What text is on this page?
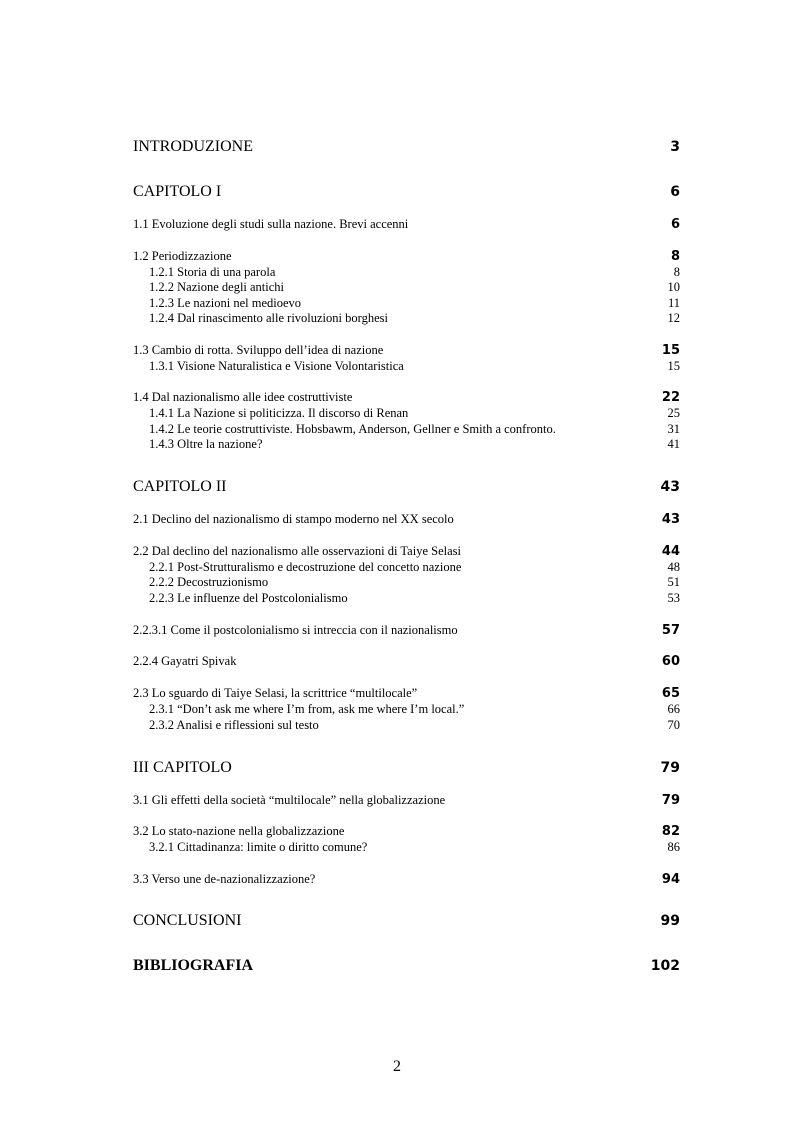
INTRODUZIONE	3
CAPITOLO I	6
1.1 Evoluzione degli studi sulla nazione. Brevi accenni	6
1.2 Periodizzazione	8
1.2.1 Storia di una parola	8
1.2.2 Nazione degli antichi	10
1.2.3 Le nazioni nel medioevo	11
1.2.4 Dal rinascimento alle rivoluzioni borghesi	12
1.3 Cambio di rotta. Sviluppo dell’idea di nazione	15
1.3.1 Visione Naturalistica e Visione Volontaristica	15
1.4 Dal nazionalismo alle idee costruttiviste	22
1.4.1 La Nazione si politicizza. Il discorso di Renan	25
1.4.2 Le teorie costruttiviste. Hobsbawm, Anderson, Gellner e Smith a confronto.	31
1.4.3 Oltre la nazione?	41
CAPITOLO II	43
2.1 Declino del nazionalismo di stampo moderno nel XX secolo	43
2.2 Dal declino del nazionalismo alle osservazioni di Taiye Selasi	44
2.2.1 Post-Strutturalismo e decostruzione del concetto nazione	48
2.2.2 Decostruzionismo	51
2.2.3 Le influenze del Postcolonialismo	53
2.2.3.1 Come il postcolonialismo si intreccia con il nazionalismo	57
2.2.4 Gayatri Spivak	60
2.3 Lo sguardo di Taiye Selasi, la scrittrice “multilocale”	65
2.3.1 “Don’t ask me where I’m from, ask me where I’m local.”	66
2.3.2 Analisi e riflessioni sul testo	70
III CAPITOLO	79
3.1 Gli effetti della società “multilocale” nella globalizzazione	79
3.2 Lo stato-nazione nella globalizzazione	82
3.2.1 Cittadinanza: limite o diritto comune?	86
3.3 Verso une de-nazionalizzazione?	94
CONCLUSIONI	99
BIBLIOGRAFIA	102
2
